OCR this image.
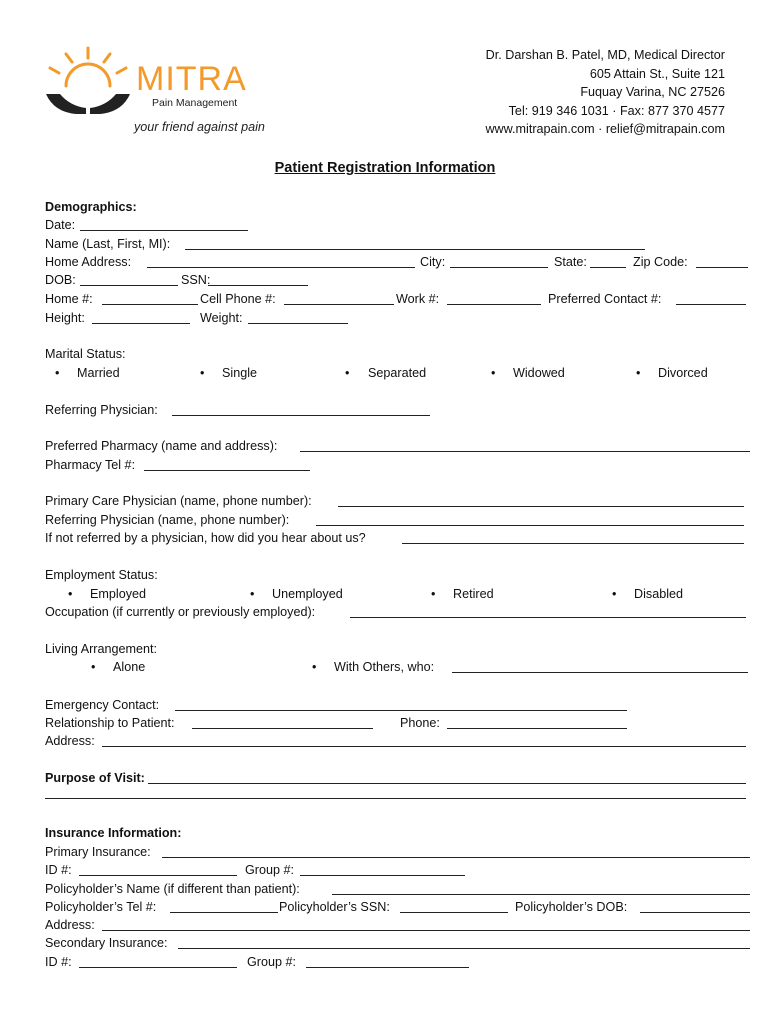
MITRA
Pain Management
your friend against pain
Dr. Darshan B. Patel, MD, Medical Director
605 Attain St., Suite 121
Fuquay Varina, NC 27526
Tel: 919 346 1031 · Fax: 877 370 4577
www.mitrapain.com · relief@mitrapain.com
Patient Registration Information
Demographics:
Date:
Name (Last, First, MI):
Home Address:	City:	State:	Zip Code:
DOB:	SSN:
Home #:	Cell Phone #:	Work #:	Preferred Contact #:
Height:	Weight:
Marital Status:
• Married	• Single	• Separated	• Widowed	• Divorced
Referring Physician:
Preferred Pharmacy (name and address):
Pharmacy Tel #:
Primary Care Physician (name, phone number):
Referring Physician (name, phone number):
If not referred by a physician, how did you hear about us?
Employment Status:
• Employed	• Unemployed	• Retired	• Disabled
Occupation (if currently or previously employed):
Living Arrangement:
• Alone	• With Others, who:
Emergency Contact:
Relationship to Patient:	Phone:
Address:
Purpose of Visit:
Insurance Information:
Primary Insurance:
ID #:	Group #:
Policyholder’s Name (if different than patient):
Policyholder’s Tel #:	Policyholder’s SSN:	Policyholder’s DOB:
Address:
Secondary Insurance:
ID #:	Group #:
